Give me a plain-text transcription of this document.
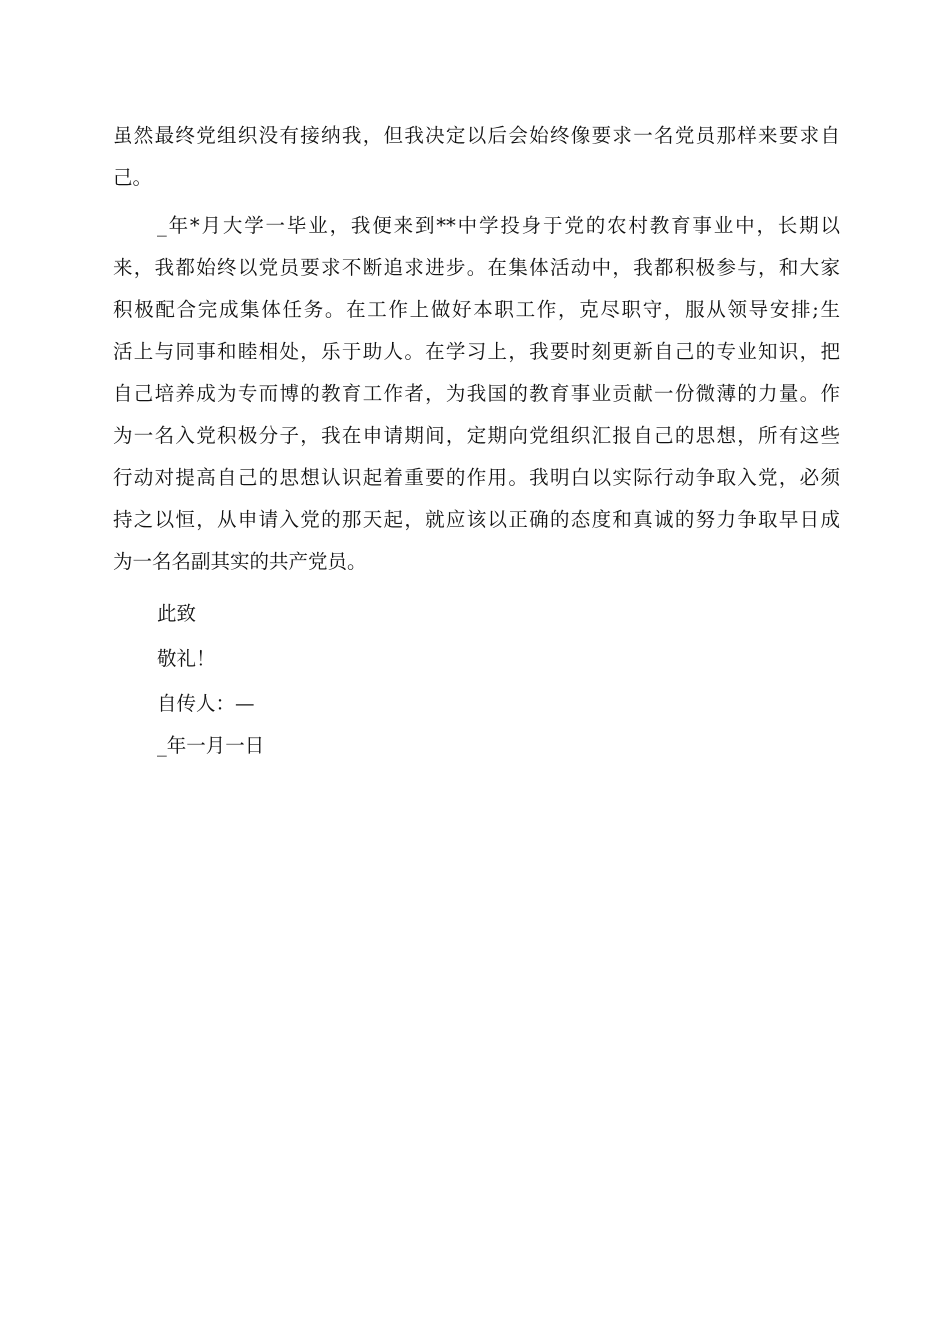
虽然最终党组织没有接纳我，但我决定以后会始终像要求一名党员那样来要求自
己。
_年*月大学一毕业，我便来到**中学投身于党的农村教育事业中，长期以
来，我都始终以党员要求不断追求进步。在集体活动中，我都积极参与，和大家
积极配合完成集体任务。在工作上做好本职工作，克尽职守，服从领导安排;生
活上与同事和睦相处，乐于助人。在学习上，我要时刻更新自己的专业知识，把
自己培养成为专而博的教育工作者，为我国的教育事业贡献一份微薄的力量。作
为一名入党积极分子，我在申请期间，定期向党组织汇报自己的思想，所有这些
行动对提高自己的思想认识起着重要的作用。我明白以实际行动争取入党，必须
持之以恒，从申请入党的那天起，就应该以正确的态度和真诚的努力争取早日成
为一名名副其实的共产党员。
此致
敬礼！
自传人：—
_年一月一日
